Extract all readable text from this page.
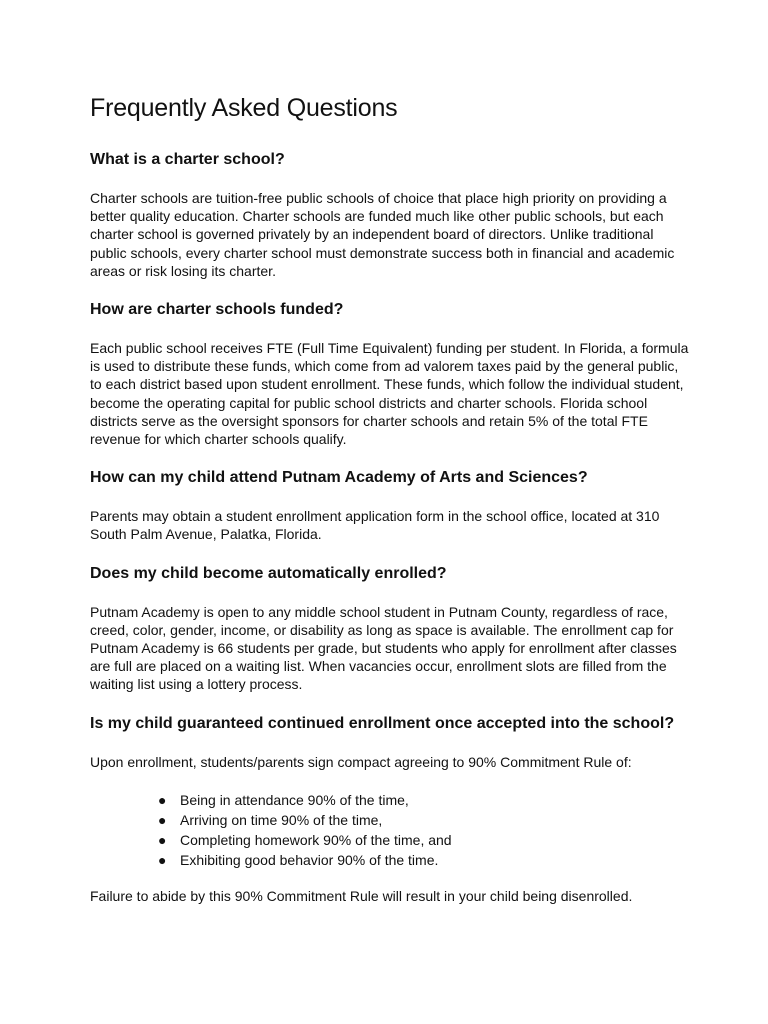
Frequently Asked Questions
What is a charter school?

Charter schools are tuition-free public schools of choice that place high priority on providing a better quality education. Charter schools are funded much like other public schools, but each charter school is governed privately by an independent board of directors. Unlike traditional public schools, every charter school must demonstrate success both in financial and academic areas or risk losing its charter.

How are charter schools funded?

Each public school receives FTE (Full Time Equivalent) funding per student. In Florida, a formula is used to distribute these funds, which come from ad valorem taxes paid by the general public, to each district based upon student enrollment. These funds, which follow the individual student, become the operating capital for public school districts and charter schools. Florida school districts serve as the oversight sponsors for charter schools and retain 5% of the total FTE revenue for which charter schools qualify.

How can my child attend Putnam Academy of Arts and Sciences?

Parents may obtain a student enrollment application form in the school office, located at 310 South Palm Avenue, Palatka, Florida.

Does my child become automatically enrolled?

Putnam Academy is open to any middle school student in Putnam County, regardless of race, creed, color, gender, income, or disability as long as space is available. The enrollment cap for Putnam Academy is 66 students per grade, but students who apply for enrollment after classes are full are placed on a waiting list. When vacancies occur, enrollment slots are filled from the waiting list using a lottery process.

Is my child guaranteed continued enrollment once accepted into the school?

Upon enrollment, students/parents sign compact agreeing to 90% Commitment Rule of:

● Being in attendance 90% of the time,
● Arriving on time 90% of the time,
● Completing homework 90% of the time, and
● Exhibiting good behavior 90% of the time.

Failure to abide by this 90% Commitment Rule will result in your child being disenrolled.
